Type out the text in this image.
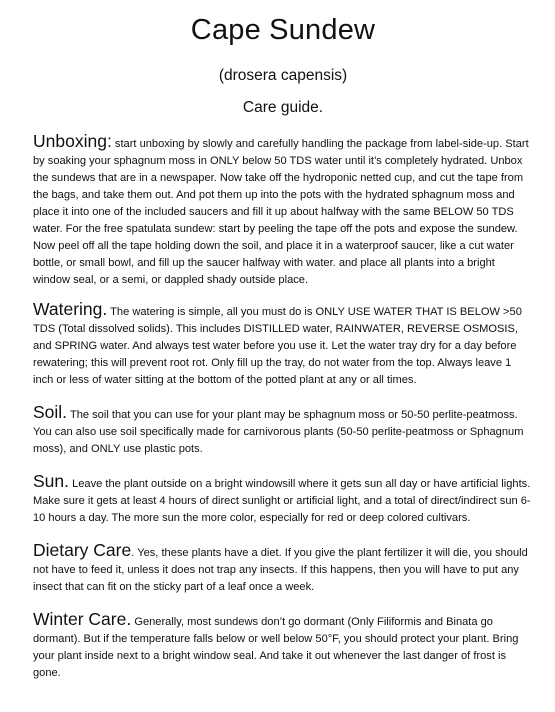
Cape Sundew
(drosera capensis)
Care guide.

Unboxing: start unboxing by slowly and carefully handling the package from label-side-up. Start by soaking your sphagnum moss in ONLY below 50 TDS water until it’s completely hydrated. Unbox the sundews that are in a newspaper. Now take off the hydroponic netted cup, and cut the tape from the bags, and take them out. And pot them up into the pots with the hydrated sphagnum moss and place it into one of the included saucers and fill it up about halfway with the same BELOW 50 TDS water. For the free spatulata sundew: start by peeling the tape off the pots and expose the sundew. Now peel off all the tape holding down the soil, and place it in a waterproof saucer, like a cut water bottle, or small bowl, and fill up the saucer halfway with water. and place all plants into a bright window seal, or a semi, or dappled shady outside place.

Watering. The watering is simple, all you must do is ONLY USE WATER THAT IS BELOW >50 TDS (Total dissolved solids). This includes DISTILLED water, RAINWATER, REVERSE OSMOSIS, and SPRING water. And always test water before you use it. Let the water tray dry for a day before rewatering; this will prevent root rot. Only fill up the tray, do not water from the top. Always leave 1 inch or less of water sitting at the bottom of the potted plant at any or all times.

Soil. The soil that you can use for your plant may be sphagnum moss or 50-50 perlite-peatmoss. You can also use soil specifically made for carnivorous plants (50-50 perlite-peatmoss or Sphagnum moss), and ONLY use plastic pots.

Sun. Leave the plant outside on a bright windowsill where it gets sun all day or have artificial lights. Make sure it gets at least 4 hours of direct sunlight or artificial light, and a total of direct/indirect sun 6-10 hours a day. The more sun the more color, especially for red or deep colored cultivars.

Dietary Care. Yes, these plants have a diet. If you give the plant fertilizer it will die, you should not have to feed it, unless it does not trap any insects. If this happens, then you will have to put any insect that can fit on the sticky part of a leaf once a week.

Winter Care. Generally, most sundews don’t go dormant (Only Filiformis and Binata go dormant). But if the temperature falls below or well below 50°F, you should protect your plant. Bring your plant inside next to a bright window seal. And take it out whenever the last danger of frost is gone.
